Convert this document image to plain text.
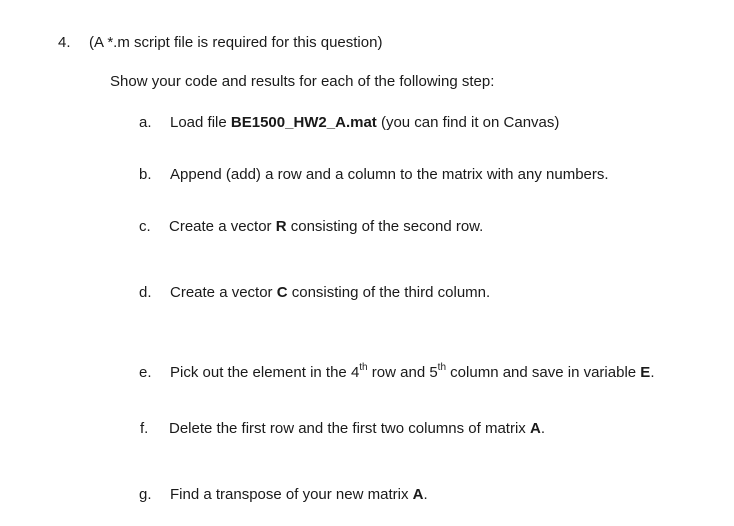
4. (A *.m script file is required for this question)
Show your code and results for each of the following step:
a. Load file BE1500_HW2_A.mat (you can find it on Canvas)
b. Append (add) a row and a column to the matrix with any numbers.
c. Create a vector R consisting of the second row.
d. Create a vector C consisting of the third column.
e. Pick out the element in the 4th row and 5th column and save in variable E.
f. Delete the first row and the first two columns of matrix A.
g. Find a transpose of your new matrix A.
